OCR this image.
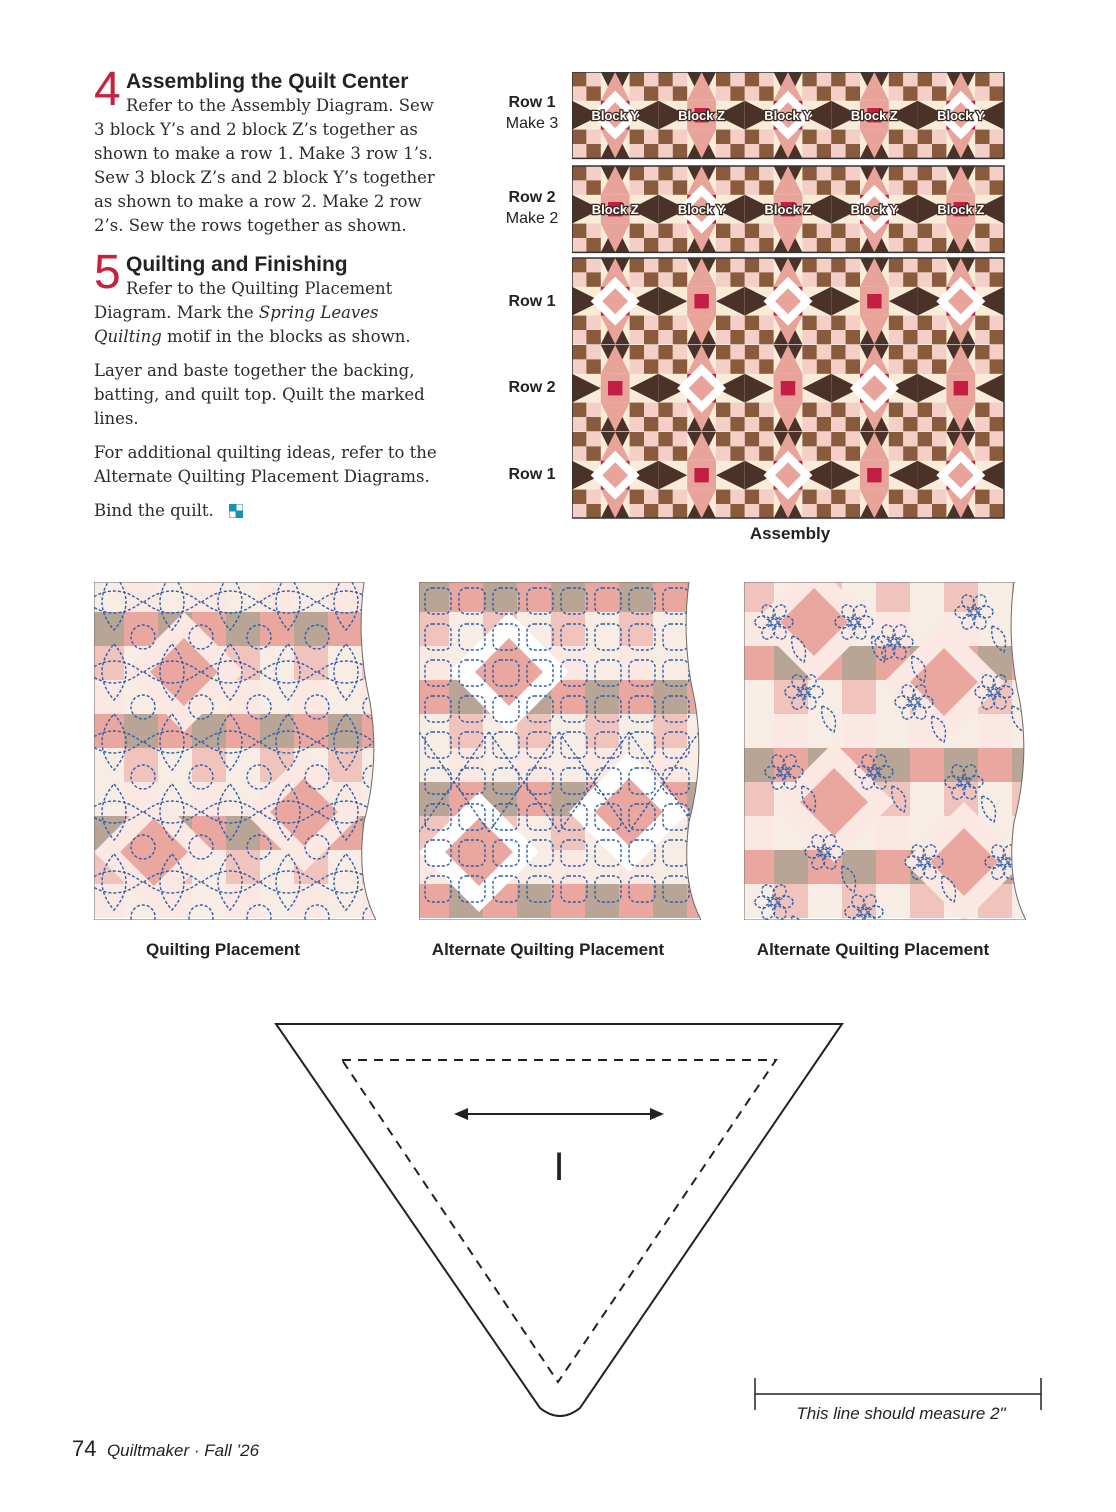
4 Assembling the Quilt Center

Refer to the Assembly Diagram. Sew 3 block Y’s and 2 block Z’s together as shown to make a row 1. Make 3 row 1’s. Sew 3 block Z’s and 2 block Y’s together as shown to make a row 2. Make 2 row 2’s. Sew the rows together as shown.

5 Quilting and Finishing

Refer to the Quilting Placement Diagram. Mark the Spring Leaves Quilting motif in the blocks as shown.

Layer and baste together the backing, batting, and quilt top. Quilt the marked lines.

For additional quilting ideas, refer to the Alternate Quilting Placement Diagrams.

Bind the quilt.

Row 1
Make 3
Row 2
Make 2
Row 1
Row 2
Row 1
Block Y	Block Z	Block Y	Block Z	Block Y
Block Z	Block Y	Block Z	Block Y	Block Z
Assembly
Quilting Placement	Alternate Quilting Placement	Alternate Quilting Placement
I
This line should measure 2"
74 Quiltmaker · Fall ’26
